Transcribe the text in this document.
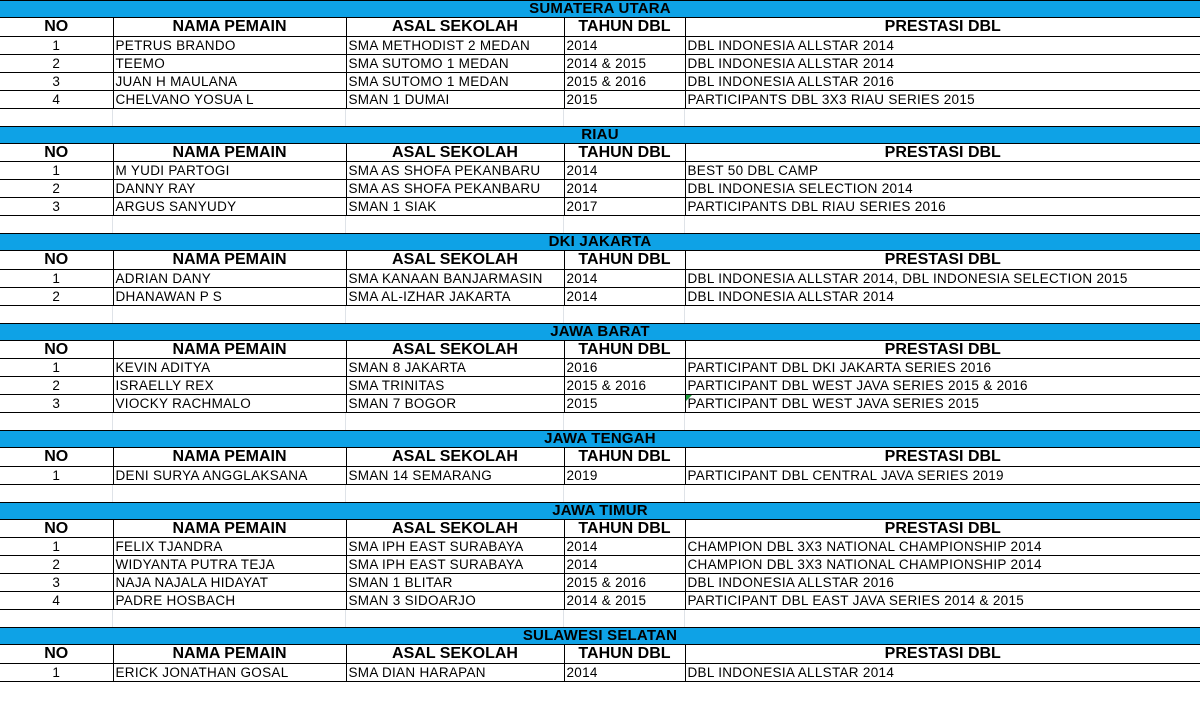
SUMATERA UTARA
NO	NAMA PEMAIN	ASAL SEKOLAH	TAHUN DBL	PRESTASI DBL
1	PETRUS BRANDO	SMA METHODIST 2 MEDAN	2014	DBL INDONESIA ALLSTAR 2014
2	TEEMO	SMA SUTOMO 1 MEDAN	2014 & 2015	DBL INDONESIA ALLSTAR 2014
3	JUAN H MAULANA	SMA SUTOMO 1 MEDAN	2015 & 2016	DBL INDONESIA ALLSTAR 2016
4	CHELVANO YOSUA L	SMAN 1 DUMAI	2015	PARTICIPANTS DBL 3X3 RIAU SERIES 2015
RIAU
NO	NAMA PEMAIN	ASAL SEKOLAH	TAHUN DBL	PRESTASI DBL
1	M YUDI PARTOGI	SMA AS SHOFA PEKANBARU	2014	BEST 50 DBL CAMP
2	DANNY RAY	SMA AS SHOFA PEKANBARU	2014	DBL INDONESIA SELECTION 2014
3	ARGUS SANYUDY	SMAN 1 SIAK	2017	PARTICIPANTS DBL RIAU SERIES 2016
DKI JAKARTA
NO	NAMA PEMAIN	ASAL SEKOLAH	TAHUN DBL	PRESTASI DBL
1	ADRIAN DANY	SMA KANAAN BANJARMASIN	2014	DBL INDONESIA ALLSTAR 2014, DBL INDONESIA SELECTION 2015
2	DHANAWAN P S	SMA AL-IZHAR JAKARTA	2014	DBL INDONESIA ALLSTAR 2014
JAWA BARAT
NO	NAMA PEMAIN	ASAL SEKOLAH	TAHUN DBL	PRESTASI DBL
1	KEVIN ADITYA	SMAN 8 JAKARTA	2016	PARTICIPANT DBL DKI JAKARTA SERIES 2016
2	ISRAELLY REX	SMA TRINITAS	2015 & 2016	PARTICIPANT DBL WEST JAVA SERIES 2015 & 2016
3	VIOCKY RACHMALO	SMAN 7 BOGOR	2015	PARTICIPANT DBL WEST JAVA SERIES 2015
JAWA TENGAH
NO	NAMA PEMAIN	ASAL SEKOLAH	TAHUN DBL	PRESTASI DBL
1	DENI SURYA ANGGLAKSANA	SMAN 14 SEMARANG	2019	PARTICIPANT DBL CENTRAL JAVA SERIES 2019
JAWA TIMUR
NO	NAMA PEMAIN	ASAL SEKOLAH	TAHUN DBL	PRESTASI DBL
1	FELIX TJANDRA	SMA IPH EAST SURABAYA	2014	CHAMPION DBL 3X3 NATIONAL CHAMPIONSHIP 2014
2	WIDYANTA PUTRA TEJA	SMA IPH EAST SURABAYA	2014	CHAMPION DBL 3X3 NATIONAL CHAMPIONSHIP 2014
3	NAJA NAJALA HIDAYAT	SMAN 1 BLITAR	2015 & 2016	DBL INDONESIA ALLSTAR 2016
4	PADRE HOSBACH	SMAN 3 SIDOARJO	2014 & 2015	PARTICIPANT DBL EAST JAVA SERIES 2014 & 2015
SULAWESI SELATAN
NO	NAMA PEMAIN	ASAL SEKOLAH	TAHUN DBL	PRESTASI DBL
1	ERICK JONATHAN GOSAL	SMA DIAN HARAPAN	2014	DBL INDONESIA ALLSTAR 2014
